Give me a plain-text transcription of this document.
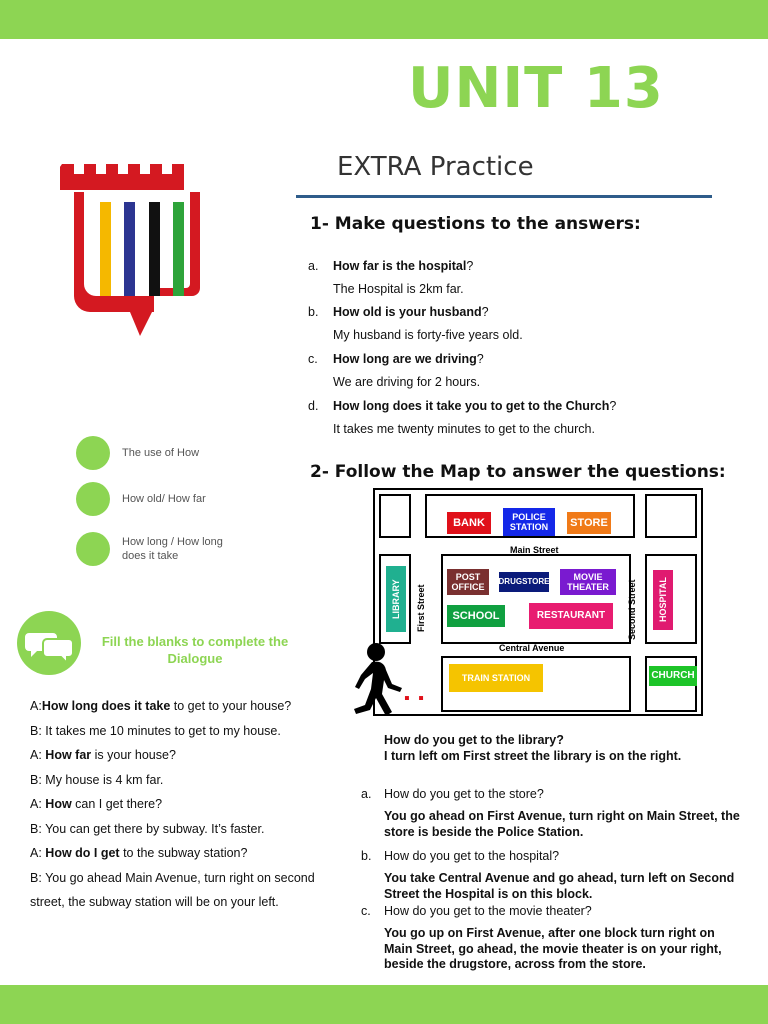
UNIT 13
EXTRA Practice
The use of How
How old/ How far
How long / How long does it take
Fill the blanks to complete the Dialogue
A:How long does it take to get to your house?
B: It takes me 10 minutes to get to my house.
A: How far is your house?
B: My house is 4 km far.
A: How can I get there?
B: You can get there by subway. It’s faster.
A: How do I get to the subway station?
B: You go ahead Main Avenue, turn right on second street, the subway station will be on your left.
1- Make questions to the answers:
a. How far is the hospital?
The Hospital is 2km far.
b. How old is your husband?
My husband is forty-five years old.
c. How long are we driving?
We are driving for 2 hours.
d. How long does it take you to get to the Church?
It takes me twenty minutes to get to the church.
2- Follow the Map to answer the questions:
BANK	POLICE STATION	STORE
Main Street
LIBRARY	First Street
POST OFFICE
DRUGSTORE	MOVIE THEATER
SCHOOL	RESTAURANT	Second Street	HOSPITAL
Central Avenue
TRAIN STATION	CHURCH
▪ ▪
How do you get to the library?
I turn left om First street the library is on the right.
a. How do you get to the store?
You go ahead on First Avenue, turn right on Main Street, the store is beside the Police Station.
b. How do you get to the hospital?
You take Central Avenue and go ahead, turn left on Second Street the Hospital is on this block.
c. How do you get to the movie theater?
You go up on First Avenue, after one block turn right on Main Street, go ahead, the movie theater is on your right, beside the drugstore, across from the store.
